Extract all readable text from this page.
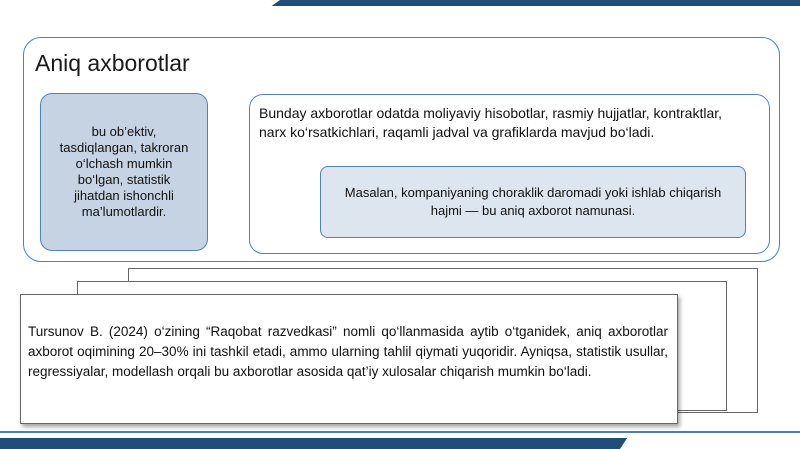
Aniq axborotlar
bu ob’ektiv, tasdiqlangan, takroran o‘lchash mumkin bo‘lgan, statistik jihatdan ishonchli ma’lumotlardir.
Bunday axborotlar odatda moliyaviy hisobotlar, rasmiy hujjatlar, kontraktlar, narx ko‘rsatkichlari, raqamli jadval va grafiklarda mavjud bo‘ladi.
Masalan, kompaniyaning choraklik daromadi yoki ishlab chiqarish hajmi — bu aniq axborot namunasi.
Tursunov B. (2024) o‘zining “Raqobat razvedkasi” nomli qo‘llanmasida aytib o‘tganidek, aniq axborotlar axborot oqimining 20–30% ini tashkil etadi, ammo ularning tahlil qiymati yuqoridir. Ayniqsa, statistik usullar, regressiyalar, modellash orqali bu axborotlar asosida qat’iy xulosalar chiqarish mumkin bo‘ladi.
